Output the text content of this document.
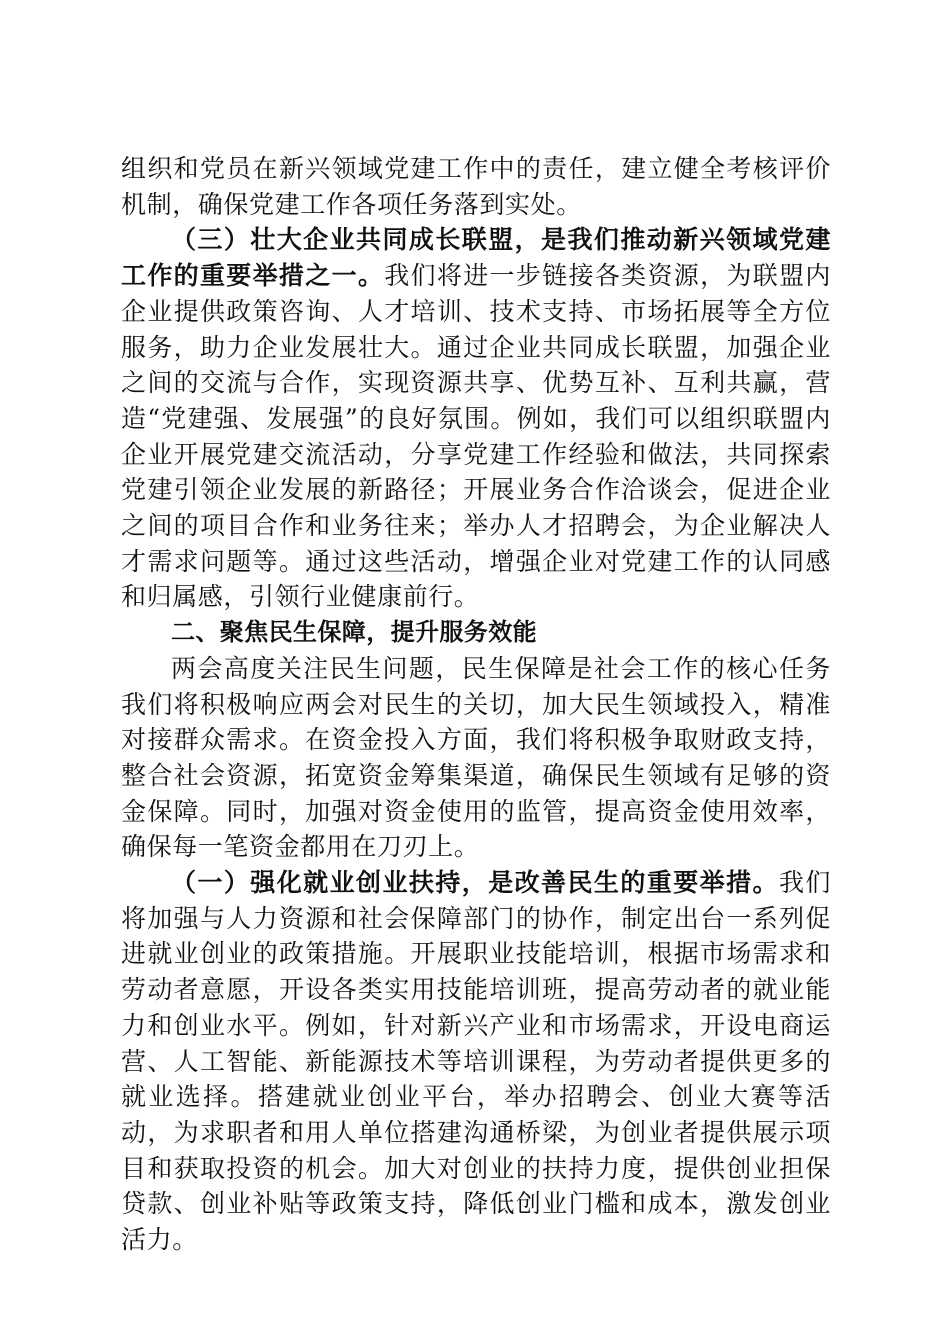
组织和党员在新兴领域党建工作中的责任，建立健全考核评价机制，确保党建工作各项任务落到实处。

（三）壮大企业共同成长联盟，是我们推动新兴领域党建工作的重要举措之一。我们将进一步链接各类资源，为联盟内企业提供政策咨询、人才培训、技术支持、市场拓展等全方位服务，助力企业发展壮大。通过企业共同成长联盟，加强企业之间的交流与合作，实现资源共享、优势互补、互利共赢，营造“党建强、发展强”的良好氛围。例如，我们可以组织联盟内企业开展党建交流活动，分享党建工作经验和做法，共同探索党建引领企业发展的新路径；开展业务合作洽谈会，促进企业之间的项目合作和业务往来；举办人才招聘会，为企业解决人才需求问题等。通过这些活动，增强企业对党建工作的认同感和归属感，引领行业健康前行。

二、聚焦民生保障，提升服务效能

两会高度关注民生问题，民生保障是社会工作的核心任务我们将积极响应两会对民生的关切，加大民生领域投入，精准对接群众需求。在资金投入方面，我们将积极争取财政支持，整合社会资源，拓宽资金筹集渠道，确保民生领域有足够的资金保障。同时，加强对资金使用的监管，提高资金使用效率，确保每一笔资金都用在刀刃上。

（一）强化就业创业扶持，是改善民生的重要举措。我们将加强与人力资源和社会保障部门的协作，制定出台一系列促进就业创业的政策措施。开展职业技能培训，根据市场需求和劳动者意愿，开设各类实用技能培训班，提高劳动者的就业能力和创业水平。例如，针对新兴产业和市场需求，开设电商运营、人工智能、新能源技术等培训课程，为劳动者提供更多的就业选择。搭建就业创业平台，举办招聘会、创业大赛等活动，为求职者和用人单位搭建沟通桥梁，为创业者提供展示项目和获取投资的机会。加大对创业的扶持力度，提供创业担保贷款、创业补贴等政策支持，降低创业门槛和成本，激发创业活力。
